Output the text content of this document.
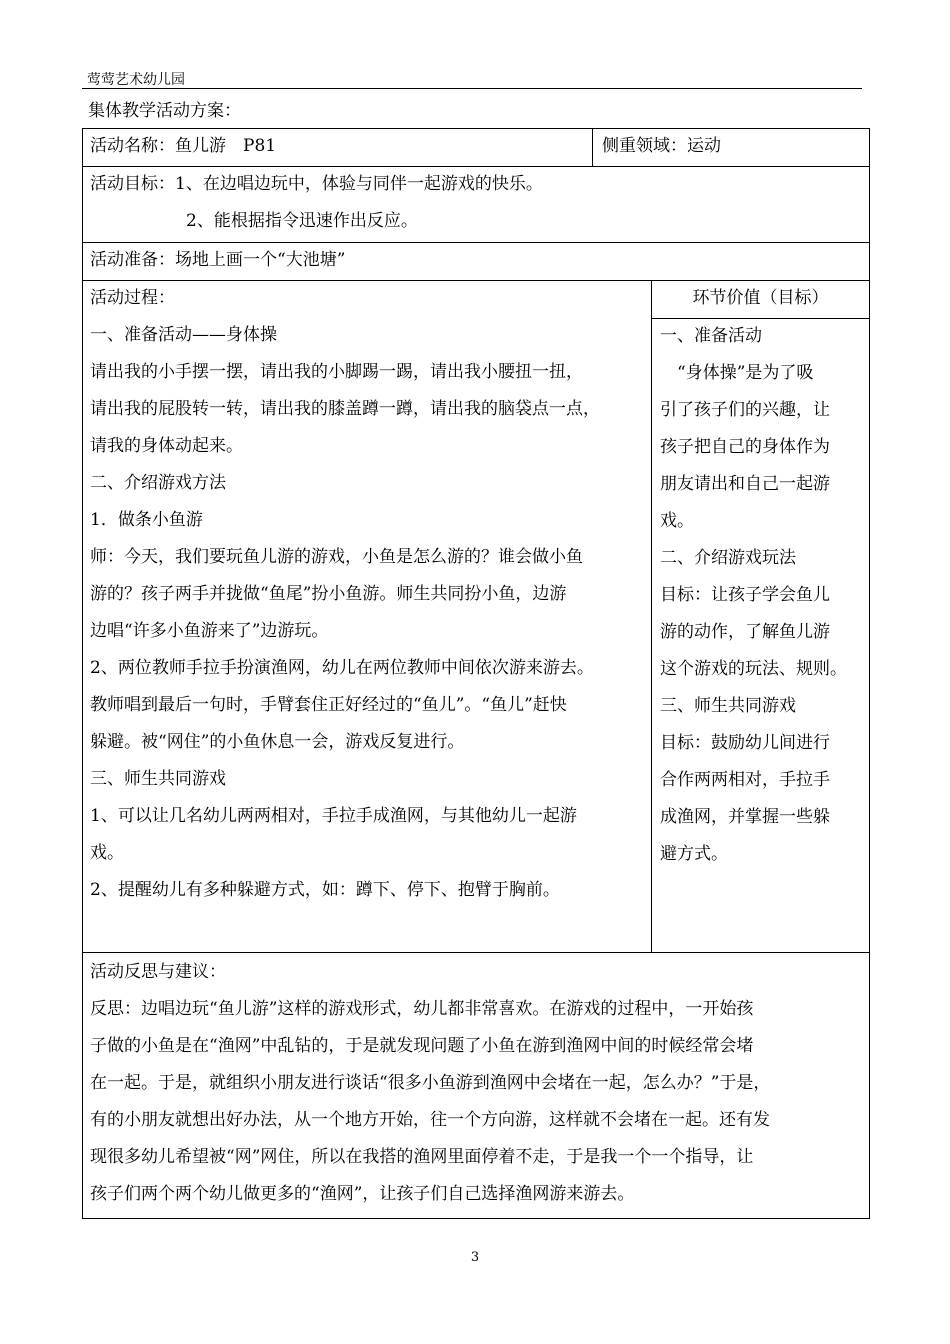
莺莺艺术幼儿园
集体教学活动方案：
活动名称：鱼儿游　P81	侧重领域：运动

活动目标：1、在边唱边玩中，体验与同伴一起游戏的快乐。

2、能根据指令迅速作出反应。

活动准备：场地上画一个“大池塘”

活动过程：

一、准备活动——身体操

请出我的小手摆一摆，请出我的小脚踢一踢，请出我小腰扭一扭，

请出我的屁股转一转，请出我的膝盖蹲一蹲，请出我的脑袋点一点，

请我的身体动起来。

二、介绍游戏方法

1．做条小鱼游

师：今天，我们要玩鱼儿游的游戏，小鱼是怎么游的？谁会做小鱼

游的？孩子两手并拢做“鱼尾”扮小鱼游。师生共同扮小鱼，边游

边唱“许多小鱼游来了”边游玩。

2、两位教师手拉手扮演渔网，幼儿在两位教师中间依次游来游去。

教师唱到最后一句时，手臂套住正好经过的“鱼儿”。“鱼儿”赶快

躲避。被“网住”的小鱼休息一会，游戏反复进行。

三、师生共同游戏

1、可以让几名幼儿两两相对，手拉手成渔网，与其他幼儿一起游

戏。

2、提醒幼儿有多种躲避方式，如：蹲下、停下、抱臂于胸前。

环节价值（目标）

一、准备活动

　“身体操”是为了吸

引了孩子们的兴趣，让

孩子把自己的身体作为

朋友请出和自己一起游

戏。

二、介绍游戏玩法

目标：让孩子学会鱼儿

游的动作，了解鱼儿游

这个游戏的玩法、规则。

三、师生共同游戏

目标：鼓励幼儿间进行

合作两两相对，手拉手

成渔网，并掌握一些躲

避方式。

活动反思与建议：

反思：边唱边玩“鱼儿游”这样的游戏形式，幼儿都非常喜欢。在游戏的过程中，一开始孩

子做的小鱼是在“渔网”中乱钻的，于是就发现问题了小鱼在游到渔网中间的时候经常会堵

在一起。于是，就组织小朋友进行谈话“很多小鱼游到渔网中会堵在一起，怎么办？”于是，

有的小朋友就想出好办法，从一个地方开始，往一个方向游，这样就不会堵在一起。还有发

现很多幼儿希望被“网”网住，所以在我搭的渔网里面停着不走，于是我一个一个指导，让

孩子们两个两个幼儿做更多的“渔网”，让孩子们自己选择渔网游来游去。

3
